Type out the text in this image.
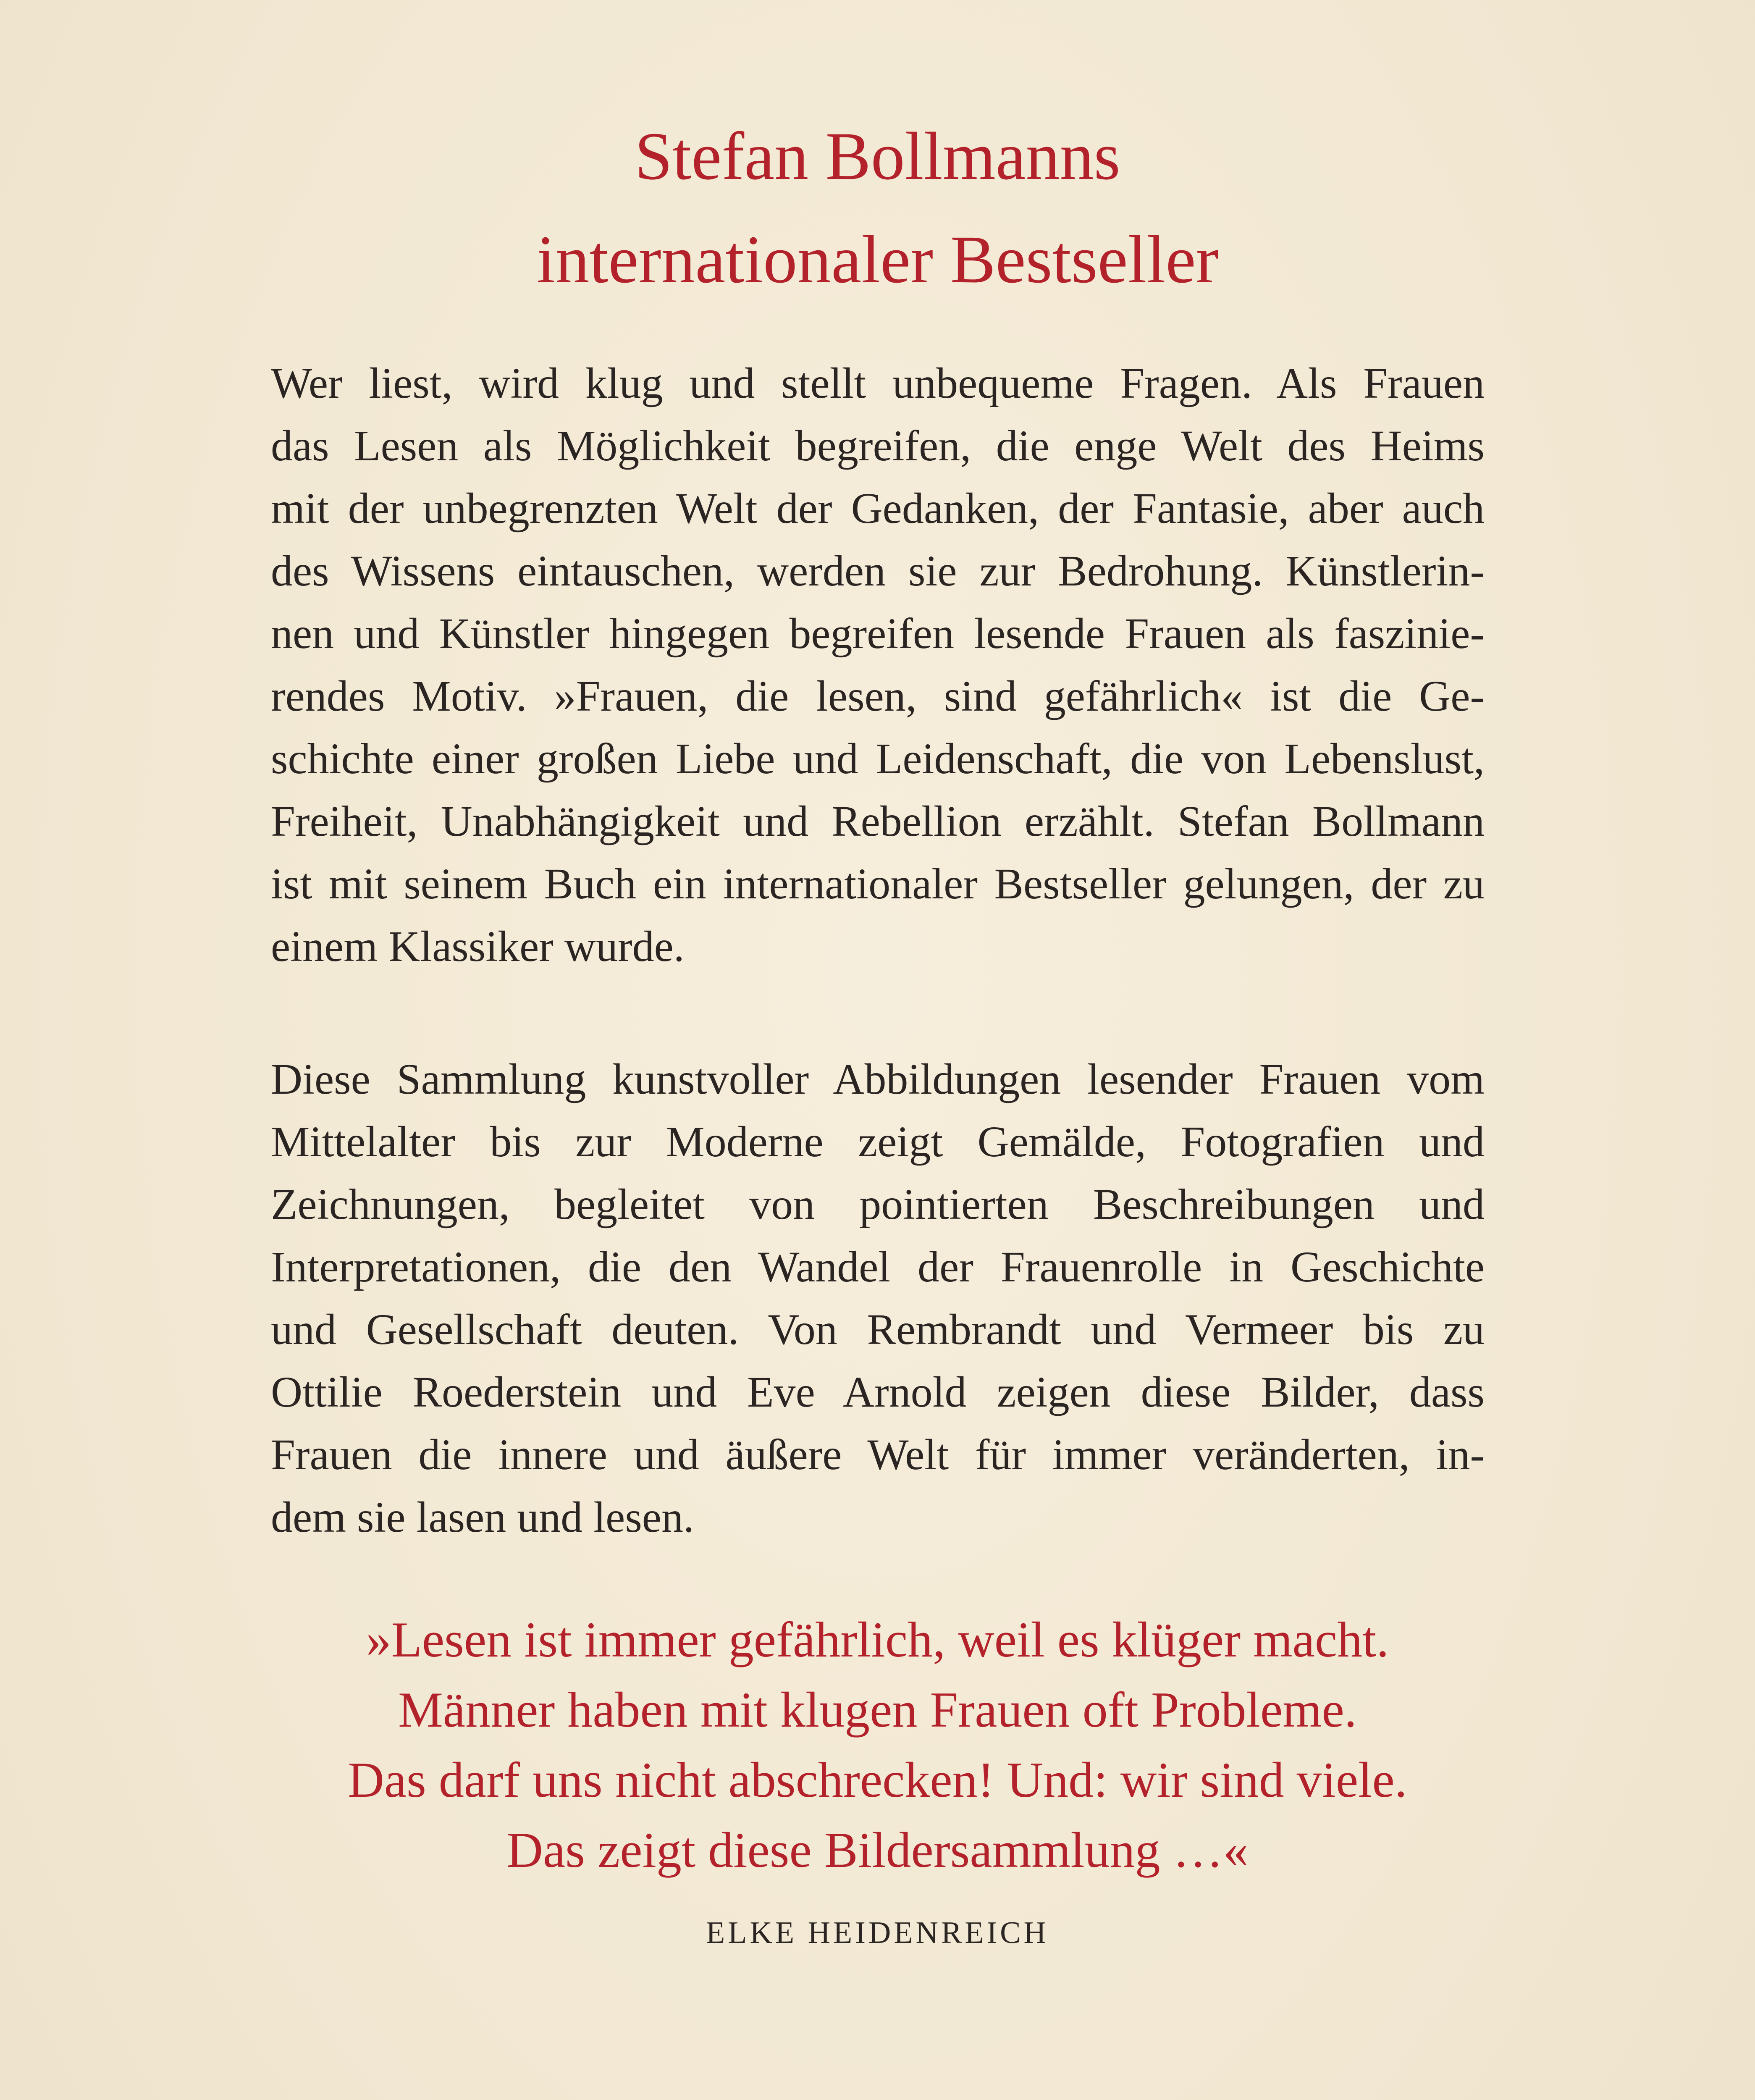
Stefan Bollmanns
internationaler Bestseller

Wer liest, wird klug und stellt unbequeme Fragen. Als Frauen
das Lesen als Möglichkeit begreifen, die enge Welt des Heims
mit der unbegrenzten Welt der Gedanken, der Fantasie, aber auch
des Wissens eintauschen, werden sie zur Bedrohung. Künstlerin-
nen und Künstler hingegen begreifen lesende Frauen als faszinie-
rendes Motiv. »Frauen, die lesen, sind gefährlich« ist die Ge-
schichte einer großen Liebe und Leidenschaft, die von Lebenslust,
Freiheit, Unabhängigkeit und Rebellion erzählt. Stefan Bollmann
ist mit seinem Buch ein internationaler Bestseller gelungen, der zu
einem Klassiker wurde.

Diese Sammlung kunstvoller Abbildungen lesender Frauen vom
Mittelalter bis zur Moderne zeigt Gemälde, Fotografien und
Zeichnungen, begleitet von pointierten Beschreibungen und
Interpretationen, die den Wandel der Frauenrolle in Geschichte
und Gesellschaft deuten. Von Rembrandt und Vermeer bis zu
Ottilie Roederstein und Eve Arnold zeigen diese Bilder, dass
Frauen die innere und äußere Welt für immer veränderten, in-
dem sie lasen und lesen.

»Lesen ist immer gefährlich, weil es klüger macht.
Männer haben mit klugen Frauen oft Probleme.
Das darf uns nicht abschrecken! Und: wir sind viele.
Das zeigt diese Bildersammlung …«

ELKE HEIDENREICH
